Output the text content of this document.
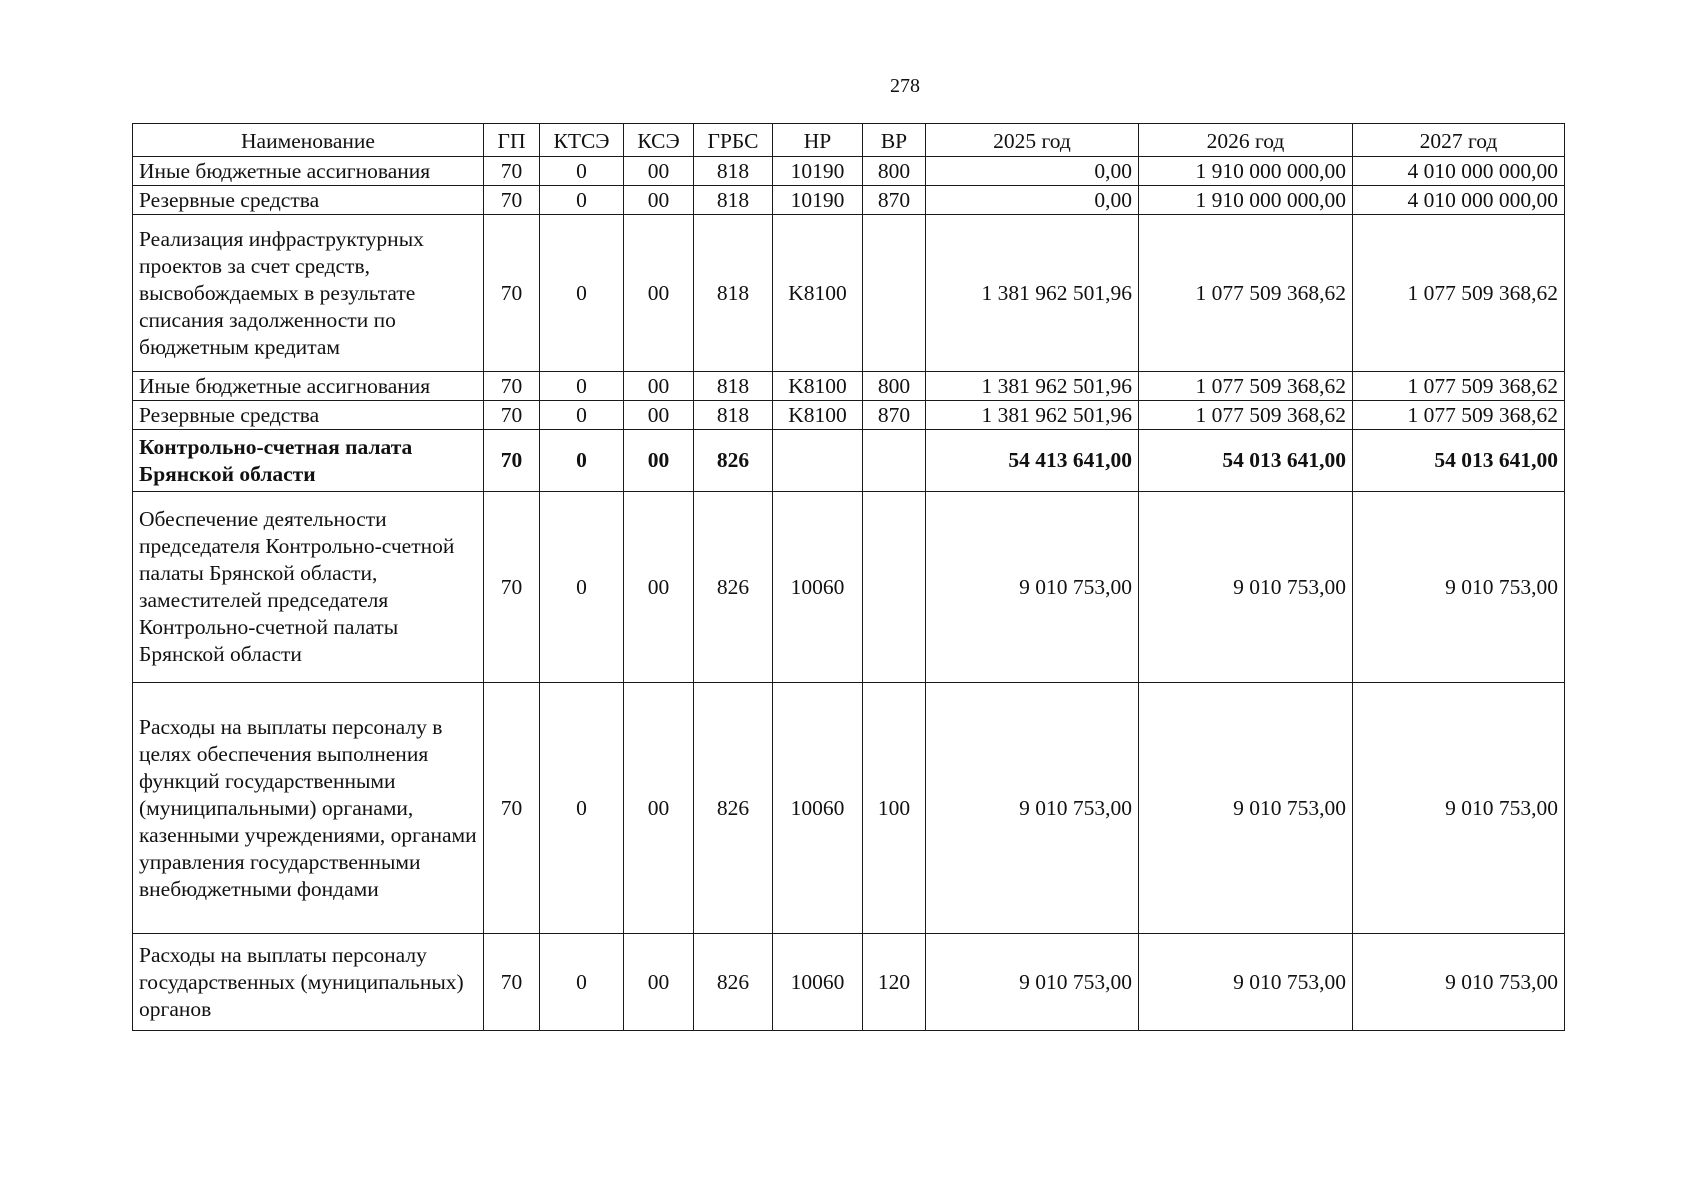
278
Наименование	ГП	КТСЭ	КСЭ	ГРБС	НР	ВР	2025 год	2026 год	2027 год
Иные бюджетные ассигнования	70	0	00	818	10190	800	0,00	1 910 000 000,00	4 010 000 000,00
Резервные средства	70	0	00	818	10190	870	0,00	1 910 000 000,00	4 010 000 000,00
Реализация инфраструктурных проектов за счет средств, высвобождаемых в результате списания задолженности по бюджетным кредитам	70	0	00	818	K8100		1 381 962 501,96	1 077 509 368,62	1 077 509 368,62
Иные бюджетные ассигнования	70	0	00	818	K8100	800	1 381 962 501,96	1 077 509 368,62	1 077 509 368,62
Резервные средства	70	0	00	818	K8100	870	1 381 962 501,96	1 077 509 368,62	1 077 509 368,62
Контрольно-счетная палата Брянской области	70	0	00	826			54 413 641,00	54 013 641,00	54 013 641,00
Обеспечение деятельности председателя Контрольно-счетной палаты Брянской области, заместителей председателя Контрольно-счетной палаты Брянской области	70	0	00	826	10060		9 010 753,00	9 010 753,00	9 010 753,00
Расходы на выплаты персоналу в целях обеспечения выполнения функций государственными (муниципальными) органами, казенными учреждениями, органами управления государственными внебюджетными фондами	70	0	00	826	10060	100	9 010 753,00	9 010 753,00	9 010 753,00
Расходы на выплаты персоналу государственных (муниципальных) органов	70	0	00	826	10060	120	9 010 753,00	9 010 753,00	9 010 753,00
